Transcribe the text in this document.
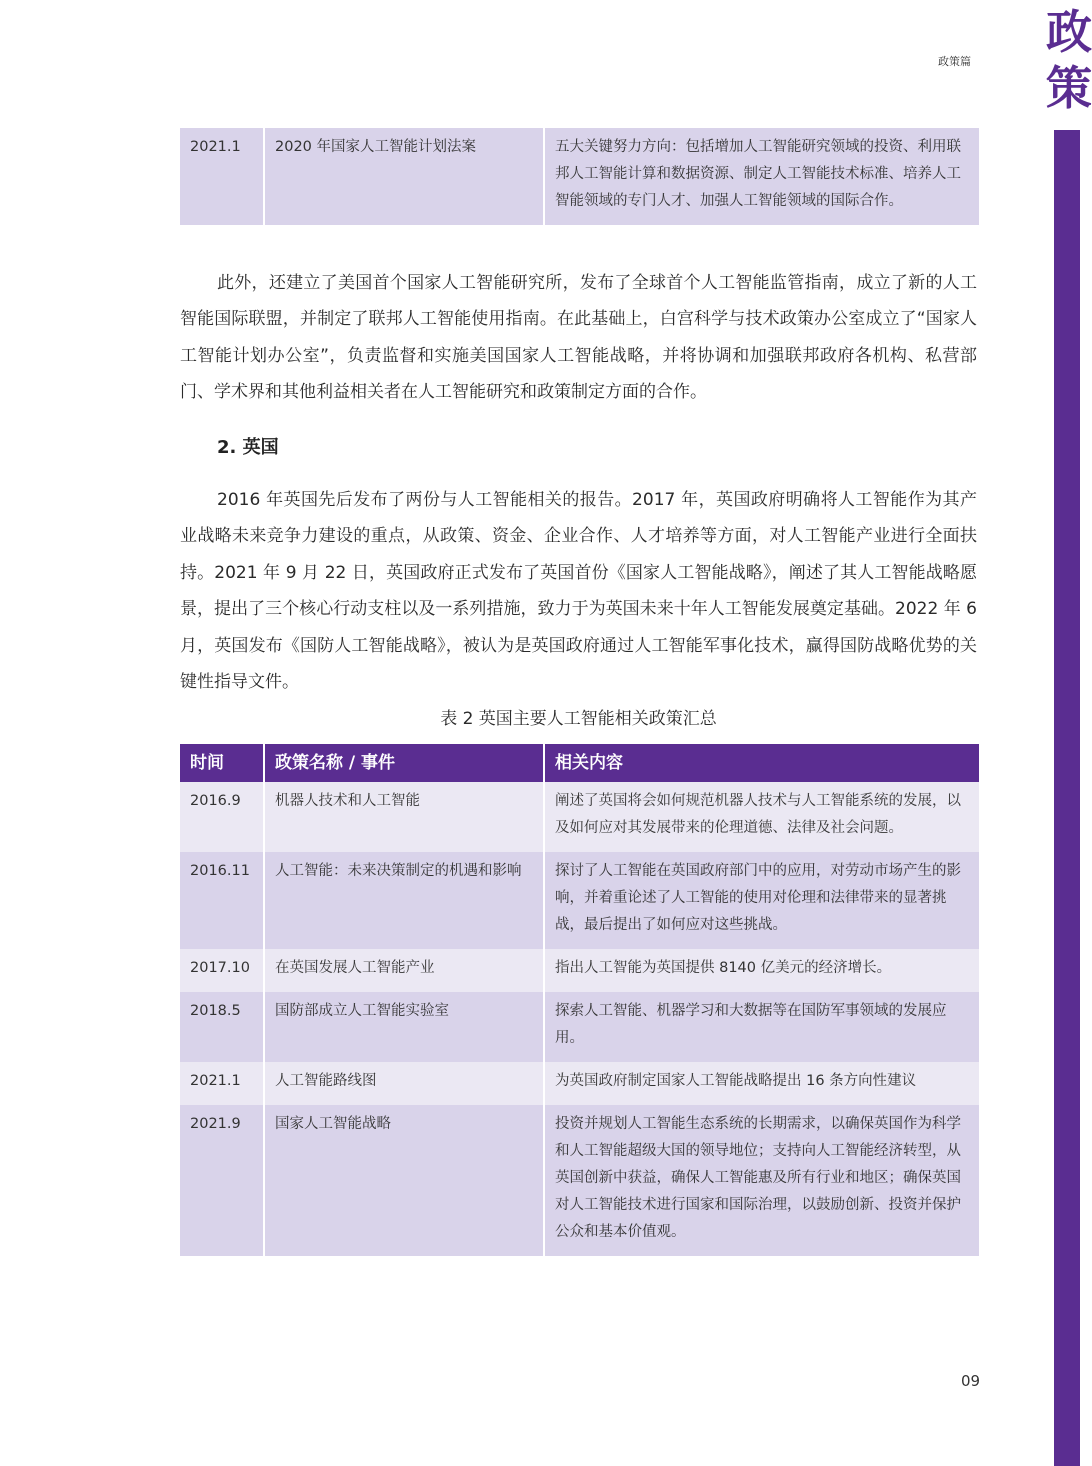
政
策
政策篇
2021.1	2020 年国家人工智能计划法案	五大关键努力方向：包括增加人工智能研究领域的投资、利用联邦人工智能计算和数据资源、制定人工智能技术标准、培养人工智能领域的专门人才、加强人工智能领域的国际合作。

此外，还建立了美国首个国家人工智能研究所，发布了全球首个人工智能监管指南，成立了新的人工智能国际联盟，并制定了联邦人工智能使用指南。在此基础上，白宫科学与技术政策办公室成立了“国家人工智能计划办公室”，负责监督和实施美国国家人工智能战略，并将协调和加强联邦政府各机构、私营部门、学术界和其他利益相关者在人工智能研究和政策制定方面的合作。

2. 英国

2016 年英国先后发布了两份与人工智能相关的报告。2017 年，英国政府明确将人工智能作为其产业战略未来竞争力建设的重点，从政策、资金、企业合作、人才培养等方面，对人工智能产业进行全面扶持。2021 年 9 月 22 日，英国政府正式发布了英国首份《国家人工智能战略》，阐述了其人工智能战略愿景，提出了三个核心行动支柱以及一系列措施，致力于为英国未来十年人工智能发展奠定基础。2022 年 6 月，英国发布《国防人工智能战略》，被认为是英国政府通过人工智能军事化技术，赢得国防战略优势的关键性指导文件。

表 2 英国主要人工智能相关政策汇总
时间	政策名称 / 事件	相关内容
2016.9	机器人技术和人工智能	阐述了英国将会如何规范机器人技术与人工智能系统的发展，以及如何应对其发展带来的伦理道德、法律及社会问题。
2016.11	人工智能：未来决策制定的机遇和影响	探讨了人工智能在英国政府部门中的应用，对劳动市场产生的影响，并着重论述了人工智能的使用对伦理和法律带来的显著挑战，最后提出了如何应对这些挑战。
2017.10	在英国发展人工智能产业	指出人工智能为英国提供 8140 亿美元的经济增长。
2018.5	国防部成立人工智能实验室	探索人工智能、机器学习和大数据等在国防军事领域的发展应用。
2021.1	人工智能路线图	为英国政府制定国家人工智能战略提出 16 条方向性建议
2021.9	国家人工智能战略	投资并规划人工智能生态系统的长期需求，以确保英国作为科学和人工智能超级大国的领导地位；支持向人工智能经济转型，从英国创新中获益，确保人工智能惠及所有行业和地区；确保英国对人工智能技术进行国家和国际治理，以鼓励创新、投资并保护公众和基本价值观。
09
